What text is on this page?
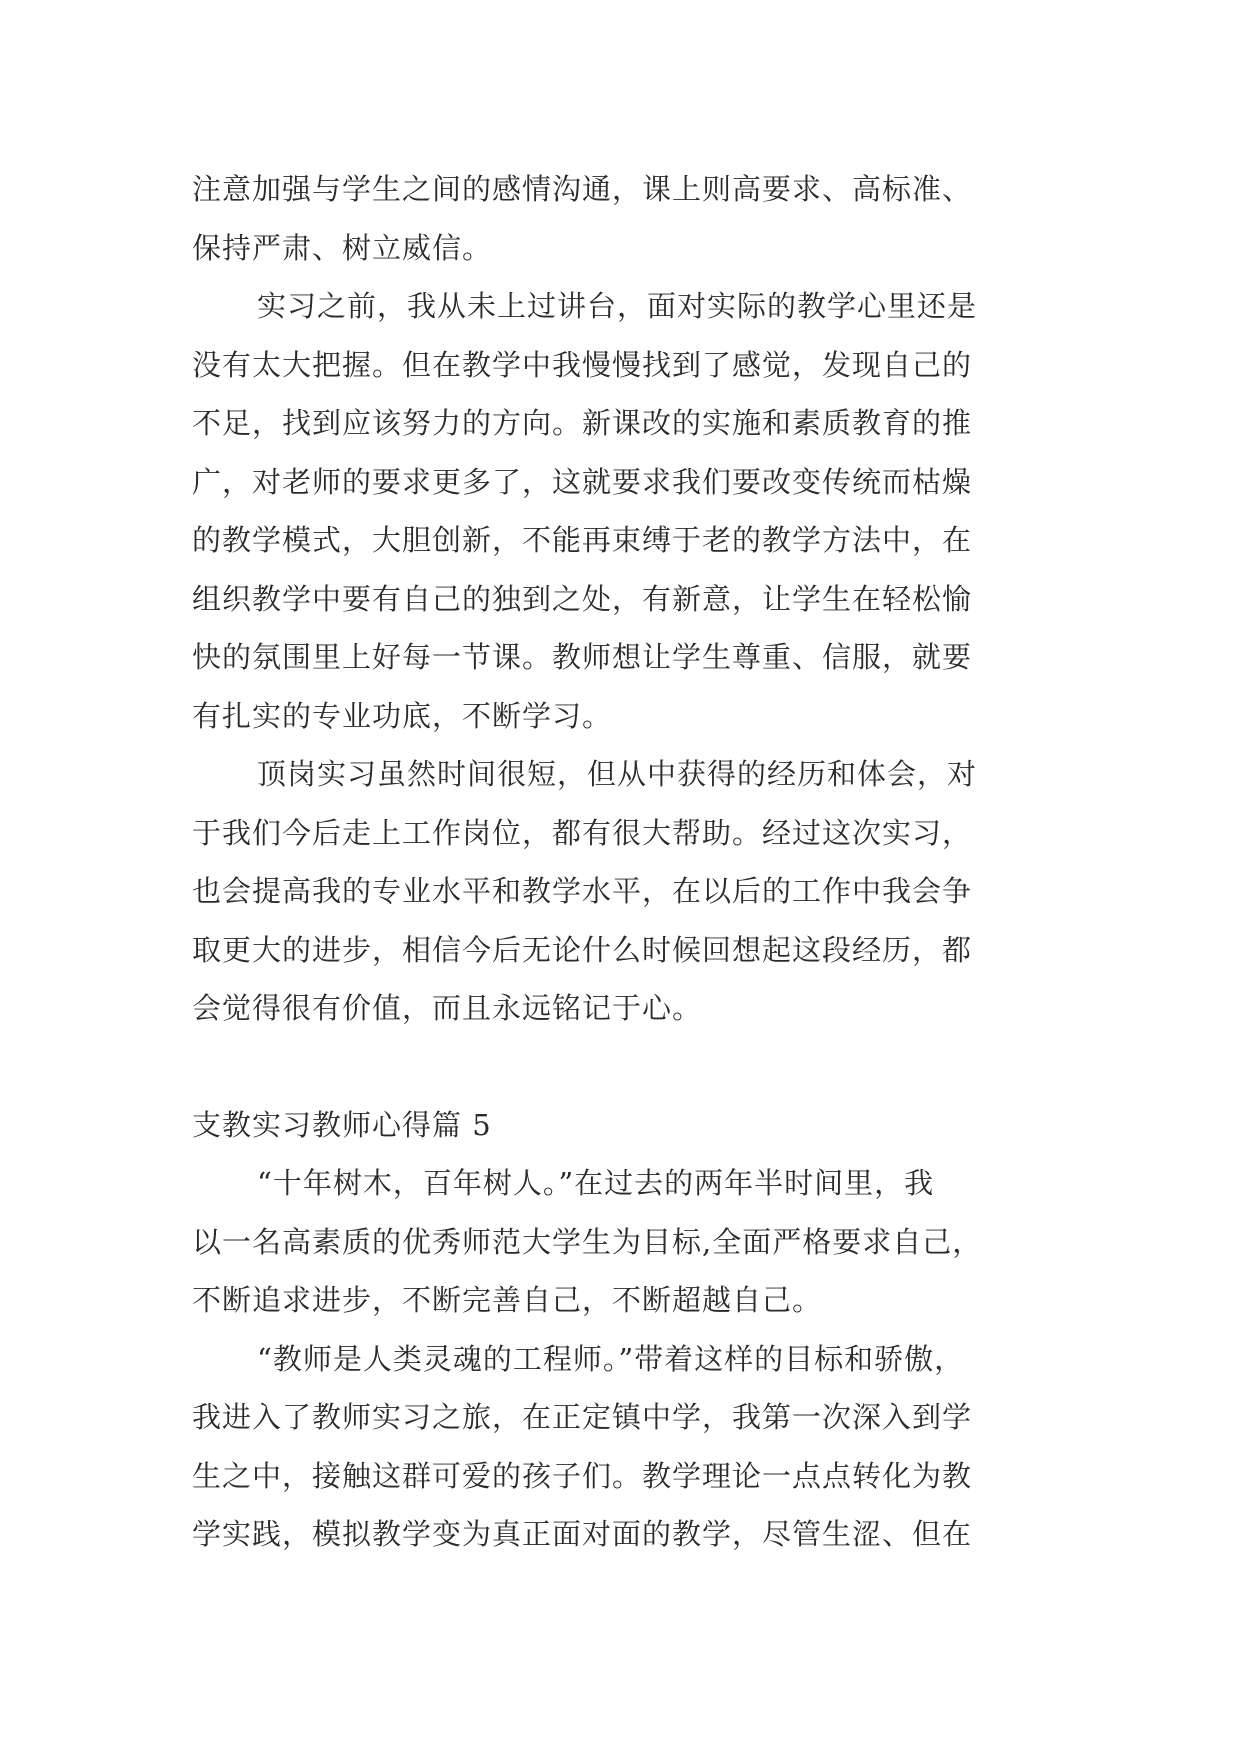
注意加强与学生之间的感情沟通，课上则高要求、高标准、
保持严肃、树立威信。
实习之前，我从未上过讲台，面对实际的教学心里还是
没有太大把握。但在教学中我慢慢找到了感觉，发现自己的
不足，找到应该努力的方向。新课改的实施和素质教育的推
广，对老师的要求更多了，这就要求我们要改变传统而枯燥
的教学模式，大胆创新，不能再束缚于老的教学方法中，在
组织教学中要有自己的独到之处，有新意，让学生在轻松愉
快的氛围里上好每一节课。教师想让学生尊重、信服，就要
有扎实的专业功底，不断学习。
顶岗实习虽然时间很短，但从中获得的经历和体会，对
于我们今后走上工作岗位，都有很大帮助。经过这次实习，
也会提高我的专业水平和教学水平，在以后的工作中我会争
取更大的进步，相信今后无论什么时候回想起这段经历，都
会觉得很有价值，而且永远铭记于心。
支教实习教师心得篇 5
“十年树木，百年树人。”在过去的两年半时间里，我
以一名高素质的优秀师范大学生为目标,全面严格要求自己，
不断追求进步，不断完善自己，不断超越自己。
“教师是人类灵魂的工程师。”带着这样的目标和骄傲，
我进入了教师实习之旅，在正定镇中学，我第一次深入到学
生之中，接触这群可爱的孩子们。教学理论一点点转化为教
学实践，模拟教学变为真正面对面的教学，尽管生涩、但在
